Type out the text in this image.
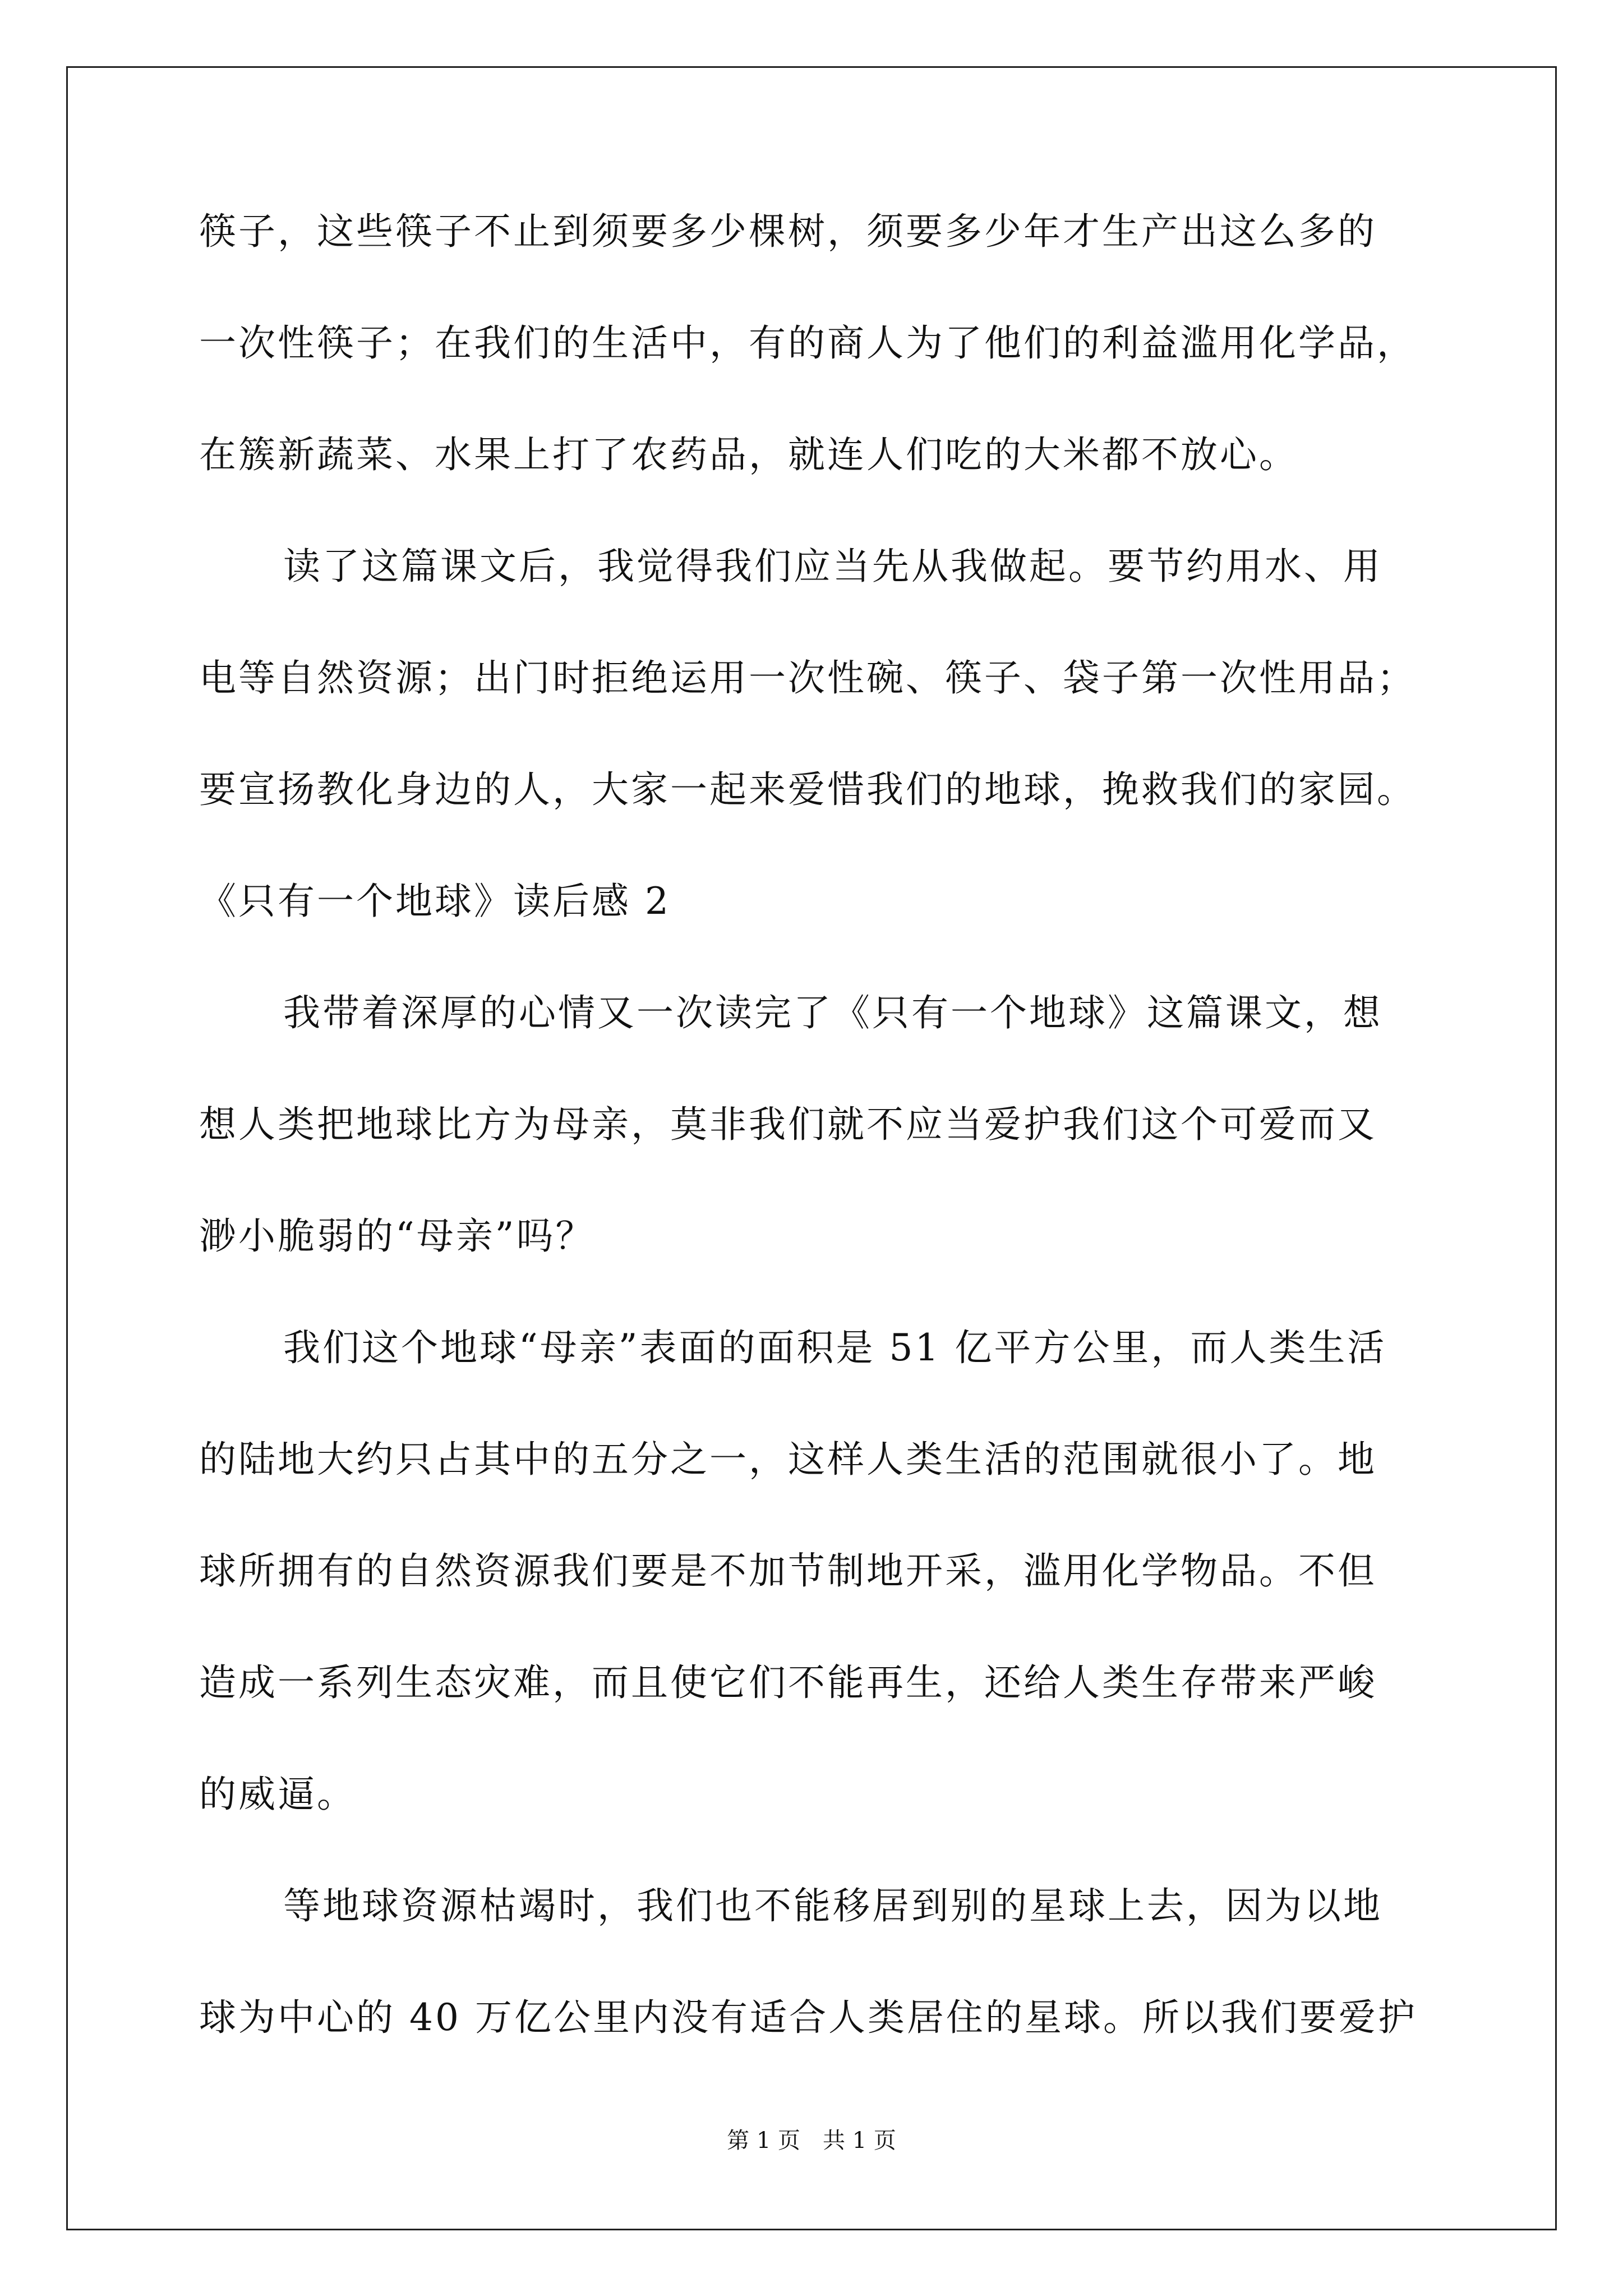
筷子，这些筷子不止到须要多少棵树，须要多少年才生产出这么多的
一次性筷子；在我们的生活中，有的商人为了他们的利益滥用化学品，
在簇新蔬菜、水果上打了农药品，就连人们吃的大米都不放心。
读了这篇课文后，我觉得我们应当先从我做起。要节约用水、用
电等自然资源；出门时拒绝运用一次性碗、筷子、袋子第一次性用品；
要宣扬教化身边的人，大家一起来爱惜我们的地球，挽救我们的家园。
《只有一个地球》读后感 2
我带着深厚的心情又一次读完了《只有一个地球》这篇课文，想
想人类把地球比方为母亲，莫非我们就不应当爱护我们这个可爱而又
渺小脆弱的“母亲”吗？
我们这个地球“母亲”表面的面积是 51 亿平方公里，而人类生活
的陆地大约只占其中的五分之一，这样人类生活的范围就很小了。地
球所拥有的自然资源我们要是不加节制地开采，滥用化学物品。不但
造成一系列生态灾难，而且使它们不能再生，还给人类生存带来严峻
的威逼。
等地球资源枯竭时，我们也不能移居到别的星球上去，因为以地
球为中心的 40 万亿公里内没有适合人类居住的星球。所以我们要爱护
第 1 页　共 1 页
